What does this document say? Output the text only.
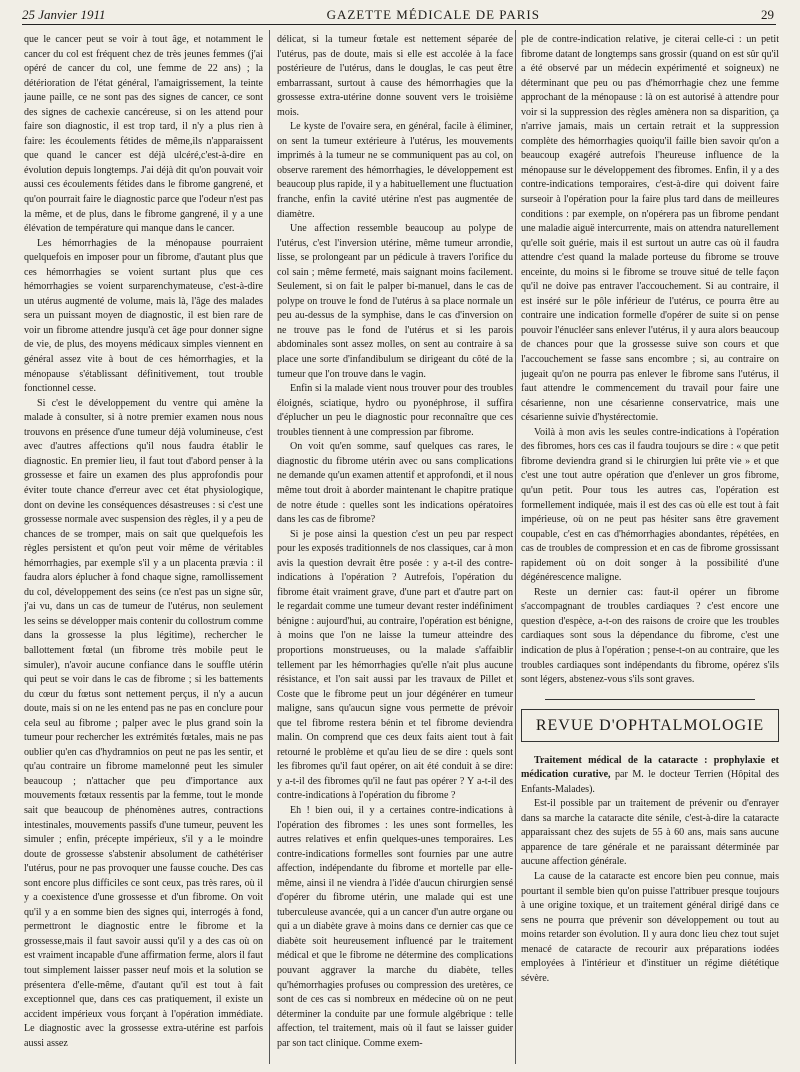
25 Janvier 1911	GAZETTE MÉDICALE DE PARIS	29

que le cancer peut se voir à tout âge, et notamment le cancer du col est fréquent chez de très jeunes femmes (j'ai opéré de cancer du col, une femme de 22 ans) ; la détérioration de l'état général, l'amaigrissement, la teinte jaune paille, ce ne sont pas des signes de cancer, ce sont des signes de cachexie cancéreuse, si on les attend pour faire son diagnostic, il est trop tard, il n'y a plus rien à faire: les écoulements fétides de même,ils n'apparaissent que quand le cancer est déjà ulcéré,c'est-à-dire en évolution depuis longtemps. J'ai déjà dit qu'on pouvait voir aussi ces écoulements fétides dans le fibrome gangrené, et qu'on pourrait faire le diagnostic parce que l'odeur n'est pas la même, et de plus, dans le fibrome gangrené, il y a une élévation de température qui manque dans le cancer.

Les hémorrhagies de la ménopause pourraient quelquefois en imposer pour un fibrome, d'autant plus que ces hémorrhagies se voient surtant plus que ces hémorrhagies se voient surparenchymateuse, c'est-à-dire un utérus augmenté de volume, mais là, l'âge des malades sera un puissant moyen de diagnostic, il est bien rare de voir un fibrome attendre jusqu'à cet âge pour donner signe de vie, de plus, des moyens médicaux simples viennent en général assez vite à bout de ces hémorrhagies, et la ménopause s'établissant définitivement, tout trouble fonctionnel cesse.

Si c'est le développement du ventre qui amène la malade à consulter, si à notre premier examen nous nous trouvons en présence d'une tumeur déjà volumineuse, c'est avec d'autres affections qu'il nous faudra établir le diagnostic. En premier lieu, il faut tout d'abord penser à la grossesse et faire un examen des plus approfondis pour éviter toute chance d'erreur avec cet état physiologique, dont on devine les conséquences désastreuses : si c'est une grossesse normale avec suspension des règles, il y a peu de chances de se tromper, mais on sait que quelquefois les règles persistent et qu'on peut voir même de véritables hémorrhagies, par exemple s'il y a un placenta prævia : il faudra alors éplucher à fond chaque signe, ramollissement du col, développement des seins (ce n'est pas un signe sûr, j'ai vu, dans un cas de tumeur de l'utérus, non seulement les seins se développer mais contenir du collostrum comme dans la grossesse la plus légitime), rechercher le ballottement fœtal (un fibrome très mobile peut le simuler), n'avoir aucune confiance dans le souffle utérin qui peut se voir dans le cas de fibrome ; si les battements du cœur du fœtus sont nettement perçus, il n'y a aucun doute, mais si on ne les entend pas ne pas en conclure pour cela seul au fibrome ; palper avec le plus grand soin la tumeur pour rechercher les extrémités fœtales, mais ne pas oublier qu'en cas d'hydramnios on peut ne pas les sentir, et qu'au contraire un fibrome mamelonné peut les simuler beaucoup ; n'attacher que peu d'importance aux mouvements fœtaux ressentis par la femme, tout le monde sait que beaucoup de phénomènes autres, contractions intestinales, mouvements passifs d'une tumeur, peuvent les simuler ; enfin, précepte impérieux, s'il y a le moindre doute de grossesse s'abstenir absolument de cathétériser l'utérus, pour ne pas provoquer une fausse couche. Des cas sont encore plus difficiles ce sont ceux, pas très rares, où il y a coexistence d'une grossesse et d'un fibrome. On voit qu'il y a en somme bien des signes qui, interrogés à fond, permettront le diagnostic entre le fibrome et la grossesse,mais il faut savoir aussi qu'il y a des cas où on est vraiment incapable d'une affirmation ferme, alors il faut tout simplement laisser passer neuf mois et la solution se présentera d'elle-même, d'autant qu'il est tout à fait exceptionnel que, dans ces cas pratiquement, il existe un accident impérieux vous forçant à l'opération immédiate. Le diagnostic avec la grossesse extra-utérine est parfois aussi assez

délicat, si la tumeur fœtale est nettement séparée de l'utérus, pas de doute, mais si elle est accolée à la face postérieure de l'utérus, dans le douglas, le cas peut être embarrassant, surtout à cause des hémorrhagies que la grossesse extra-utérine donne souvent vers le troisième mois.

Le kyste de l'ovaire sera, en général, facile à éliminer, on sent la tumeur extérieure à l'utérus, les mouvements imprimés à la tumeur ne se communiquent pas au col, on observe rarement des hémorrhagies, le développement est beaucoup plus rapide, il y a habituellement une fluctuation franche, enfin la cavité utérine n'est pas augmentée de diamètre.

Une affection ressemble beaucoup au polype de l'utérus, c'est l'inversion utérine, même tumeur arrondie, lisse, se prolongeant par un pédicule à travers l'orifice du col sain ; même fermeté, mais saignant moins facilement. Seulement, si on fait le palper bi-manuel, dans le cas de polype on trouve le fond de l'utérus à sa place normale un peu au-dessus de la symphise, dans le cas d'inversion on ne trouve pas le fond de l'utérus et si les parois abdominales sont assez molles, on sent au contraire à sa place une sorte d'infandibulum se dirigeant du côté de la tumeur que l'on trouve dans le vagin.

Enfin si la malade vient nous trouver pour des troubles éloignés, sciatique, hydro ou pyonéphrose, il suffira d'éplucher un peu le diagnostic pour reconnaître que ces troubles tiennent à une compression par fibrome.

On voit qu'en somme, sauf quelques cas rares, le diagnostic du fibrome utérin avec ou sans complications ne demande qu'un examen attentif et approfondi, et il nous même tout droit à aborder maintenant le chapitre pratique de notre étude : quelles sont les indications opératoires dans les cas de fibrome?

Si je pose ainsi la question c'est un peu par respect pour les exposés traditionnels de nos classiques, car à mon avis la question devrait être posée : y a-t-il des contre-indications à l'opération ? Autrefois, l'opération du fibrome était vraiment grave, d'une part et d'autre part on le regardait comme une tumeur devant rester indéfiniment bénigne : aujourd'hui, au contraire, l'opération est bénigne, à moins que l'on ne laisse la tumeur atteindre des proportions monstrueuses, ou la malade s'affaiblir tellement par les hémorrhagies qu'elle n'ait plus aucune résistance, et l'on sait aussi par les travaux de Pillet et Coste que le fibrome peut un jour dégénérer en tumeur maligne, sans qu'aucun signe vous permette de prévoir que tel fibrome restera bénin et tel fibrome deviendra malin. On comprend que ces deux faits aient tout à fait retourné le problème et qu'au lieu de se dire : quels sont les fibromes qu'il faut opérer, on ait été conduit à se dire: y a-t-il des fibromes qu'il ne faut pas opérer ? Y a-t-il des contre-indications à l'opération du fibrome ?

Eh ! bien oui, il y a certaines contre-indications à l'opération des fibromes : les unes sont formelles, les autres relatives et enfin quelques-unes temporaires. Les contre-indications formelles sont fournies par une autre affection, indépendante du fibrome et mortelle par elle-même, ainsi il ne viendra à l'idée d'aucun chirurgien sensé d'opérer du fibrome utérin, une malade qui est une tuberculeuse avancée, qui a un cancer d'un autre organe ou qui a un diabète grave à moins dans ce dernier cas que ce diabète soit heureusement influencé par le traitement médical et que le fibrome ne détermine des complications pouvant aggraver la marche du diabète, telles qu'hémorrhagies profuses ou compression des uretères, ce sont de ces cas si nombreux en médecine où on ne peut déterminer la conduite par une formule algébrique : telle affection, tel traitement, mais où il faut se laisser guider par son tact clinique. Comme exem-

ple de contre-indication relative, je citerai celle-ci : un petit fibrome datant de longtemps sans grossir (quand on est sûr qu'il a été observé par un médecin expérimenté et soigneux) ne déterminant que peu ou pas d'hémorrhagie chez une femme approchant de la ménopause : là on est autorisé à attendre pour voir si la suppression des règles amènera non sa disparition, ça n'arrive jamais, mais un certain retrait et la suppression complète des hémorrhagies quoiqu'il faille bien savoir qu'on a beaucoup exagéré autrefois l'heureuse influence de la ménopause sur le développement des fibromes. Enfin, il y a des contre-indications temporaires, c'est-à-dire qui doivent faire surseoir à l'opération pour la faire plus tard dans de meilleures conditions : par exemple, on n'opérera pas un fibrome pendant une maladie aiguë intercurrente, mais on attendra naturellement qu'elle soit guérie, mais il est surtout un autre cas où il faudra attendre c'est quand la malade porteuse du fibrome se trouve enceinte, du moins si le fibrome se trouve situé de telle façon qu'il ne doive pas entraver l'accouchement. Si au contraire, il est inséré sur le pôle inférieur de l'utérus, ce pourra être au contraire une indication formelle d'opérer de suite si on pense pouvoir l'énucléer sans enlever l'utérus, il y aura alors beaucoup de chances pour que la grossesse suive son cours et que l'accouchement se fasse sans encombre ; si, au contraire on jugeait qu'on ne pourra pas enlever le fibrome sans l'utérus, il faut attendre le commencement du travail pour faire une césarienne, non une césarienne conservatrice, mais une césarienne suivie d'hystérectomie.

Voilà à mon avis les seules contre-indications à l'opération des fibromes, hors ces cas il faudra toujours se dire : « que petit fibrome deviendra grand si le chirurgien lui prête vie » et que c'est une tout autre opération que d'enlever un gros fibrome, qu'un petit. Pour tous les autres cas, l'opération est formellement indiquée, mais il est des cas où elle est tout à fait impérieuse, où on ne peut pas hésiter sans être gravement coupable, c'est en cas d'hémorrhagies abondantes, répétées, en cas de troubles de compression et en cas de fibrome grossissant rapidement où on doit songer à la possibilité d'une dégénérescence maligne.

Reste un dernier cas: faut-il opérer un fibrome s'accompagnant de troubles cardiaques ? c'est encore une question d'espèce, a-t-on des raisons de croire que les troubles cardiaques sont sous la dépendance du fibrome, c'est une indication de plus à l'opération ; pense-t-on au contraire, que les troubles cardiaques sont indépendants du fibrome, opérez s'ils sont légers, abstenez-vous s'ils sont graves.

REVUE D'OPHTALMOLOGIE

Traitement médical de la cataracte : prophylaxie et médication curative, par M. le docteur Terrien (Hôpital des Enfants-Malades).

Est-il possible par un traitement de prévenir ou d'enrayer dans sa marche la cataracte dite sénile, c'est-à-dire la cataracte apparaissant chez des sujets de 55 à 60 ans, mais sans aucune apparence de tare générale et ne paraissant déterminée par aucune affection générale.

La cause de la cataracte est encore bien peu connue, mais pourtant il semble bien qu'on puisse l'attribuer presque toujours à une origine toxique, et un traitement général dirigé dans ce sens ne pourra que prévenir son développement ou tout au moins retarder son évolution. Il y aura donc lieu chez tout sujet menacé de cataracte de recourir aux préparations iodées employées à l'intérieur et d'instituer un régime diététique sévère.
